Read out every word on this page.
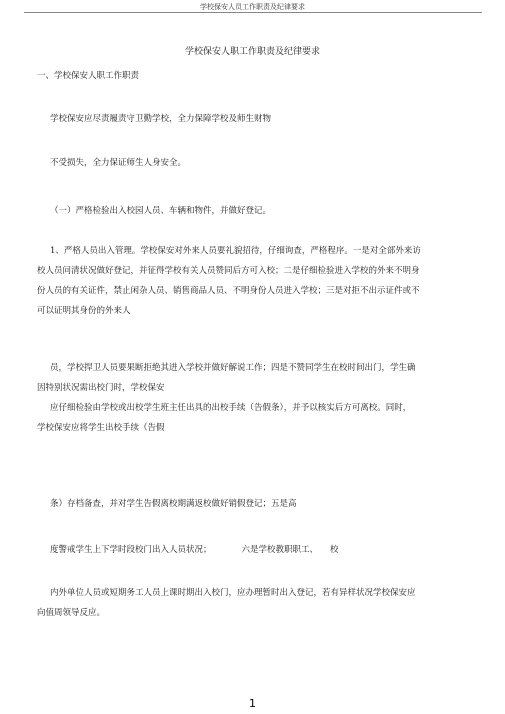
学校保安人员工作职责及纪律要求
学校保安人职工作职责及纪律要求
一、学校保安人职工作职责
学校保安应尽责履责守卫勤学校，全力保障学校及师生财物
不受损失，全力保证师生人身安全。
（一）严格检验出入校园人员、车辆和物件，并做好登记。
1、严格人员出入管理。学校保安对外来人员要礼貌招待，仔细询查，严格程序。一是对全部外来访
校人员问清状况做好登记，并征得学校有关人员赞同后方可入校；二是仔细检验进入学校的外来不明身
份人员的有关证件，禁止闲杂人员、销售商品人员、不明身份人员进入学校；三是对拒不出示证件或不
可以证明其身份的外来人
员，学校捍卫人员要果断拒绝其进入学校并做好解说工作；四是不赞同学生在校时间出门，学生确
因特别状况需出校门时，学校保安
应仔细检验由学校或出校学生班主任出具的出校手续（告假条），并予以核实后方可离校。同时，
学校保安应将学生出校手续（告假
条）存档备查，并对学生告假离校期满返校做好销假登记；五是高
度警戒学生上下学时段校门出入人员状况；	六是学校教职职工、 校
内外单位人员或短期务工人员上课时期出入校门，应办理暂时出入登记，若有异样状况学校保安应
向值周领导反应。
1
